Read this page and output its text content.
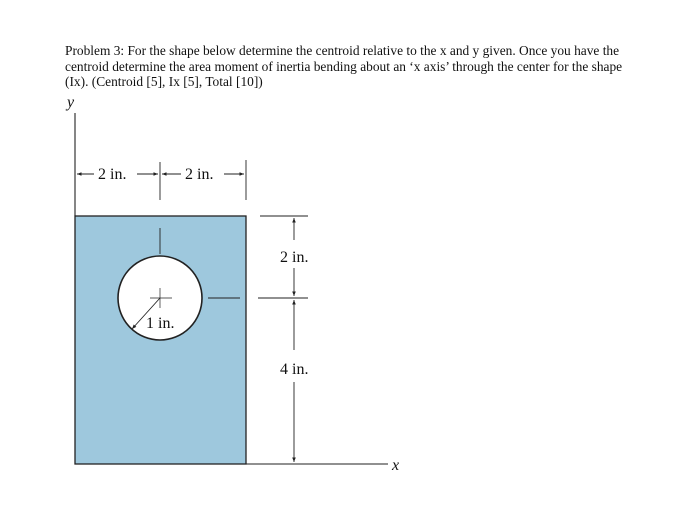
Problem 3: For the shape below determine the centroid relative to the x and y given. Once you have the centroid determine the area moment of inertia bending about an ‘x axis’ through the center for the shape (Ix). (Centroid [5], Ix [5], Total [10])

y
x
2 in.	2 in.
1 in.
2 in.
4 in.
